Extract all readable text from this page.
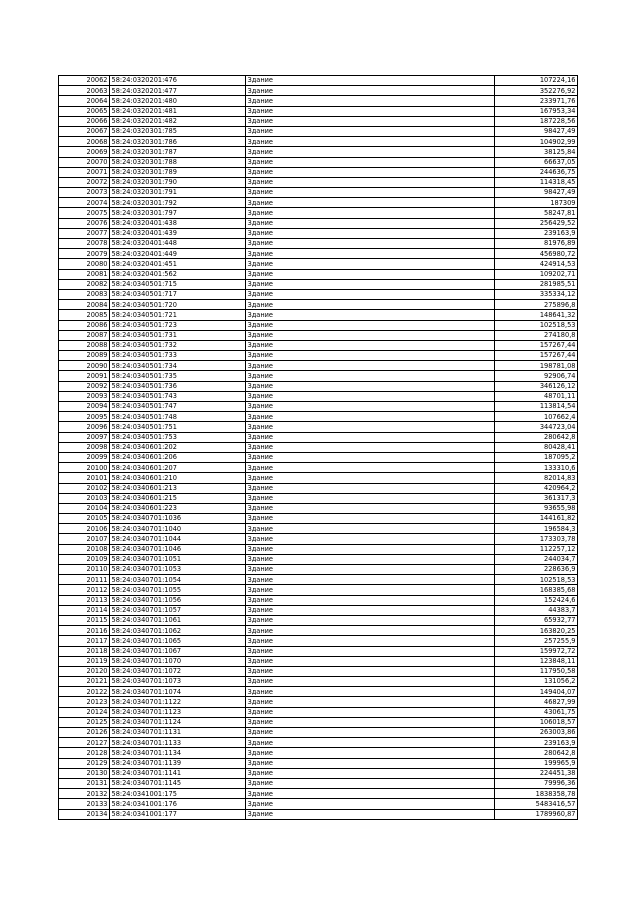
20062	58:24:0320201:476	Здание	107224,16
20063	58:24:0320201:477	Здание	352276,92
20064	58:24:0320201:480	Здание	233971,76
20065	58:24:0320201:481	Здание	167953,34
20066	58:24:0320201:482	Здание	187228,56
20067	58:24:0320301:785	Здание	98427,49
20068	58:24:0320301:786	Здание	104902,99
20069	58:24:0320301:787	Здание	38125,84
20070	58:24:0320301:788	Здание	66637,05
20071	58:24:0320301:789	Здание	244636,75
20072	58:24:0320301:790	Здание	114318,45
20073	58:24:0320301:791	Здание	98427,49
20074	58:24:0320301:792	Здание	187309
20075	58:24:0320301:797	Здание	58247,81
20076	58:24:0320401:438	Здание	256429,52
20077	58:24:0320401:439	Здание	239163,9
20078	58:24:0320401:448	Здание	81976,89
20079	58:24:0320401:449	Здание	456980,72
20080	58:24:0320401:451	Здание	424914,53
20081	58:24:0320401:562	Здание	109202,71
20082	58:24:0340501:715	Здание	281985,51
20083	58:24:0340501:717	Здание	335334,12
20084	58:24:0340501:720	Здание	275896,8
20085	58:24:0340501:721	Здание	148641,32
20086	58:24:0340501:723	Здание	102518,53
20087	58:24:0340501:731	Здание	274180,8
20088	58:24:0340501:732	Здание	157267,44
20089	58:24:0340501:733	Здание	157267,44
20090	58:24:0340501:734	Здание	198781,08
20091	58:24:0340501:735	Здание	92906,74
20092	58:24:0340501:736	Здание	346126,12
20093	58:24:0340501:743	Здание	48701,11
20094	58:24:0340501:747	Здание	113814,54
20095	58:24:0340501:748	Здание	107662,4
20096	58:24:0340501:751	Здание	344723,04
20097	58:24:0340501:753	Здание	280642,8
20098	58:24:0340601:202	Здание	80428,41
20099	58:24:0340601:206	Здание	187095,2
20100	58:24:0340601:207	Здание	133310,6
20101	58:24:0340601:210	Здание	82014,83
20102	58:24:0340601:213	Здание	420964,2
20103	58:24:0340601:215	Здание	361317,3
20104	58:24:0340601:223	Здание	93655,98
20105	58:24:0340701:1036	Здание	144161,82
20106	58:24:0340701:1040	Здание	196584,3
20107	58:24:0340701:1044	Здание	173303,78
20108	58:24:0340701:1046	Здание	112257,12
20109	58:24:0340701:1051	Здание	244034,7
20110	58:24:0340701:1053	Здание	228636,9
20111	58:24:0340701:1054	Здание	102518,53
20112	58:24:0340701:1055	Здание	168385,68
20113	58:24:0340701:1056	Здание	152424,6
20114	58:24:0340701:1057	Здание	44383,7
20115	58:24:0340701:1061	Здание	65932,77
20116	58:24:0340701:1062	Здание	163820,25
20117	58:24:0340701:1065	Здание	257255,9
20118	58:24:0340701:1067	Здание	159972,72
20119	58:24:0340701:1070	Здание	123848,11
20120	58:24:0340701:1072	Здание	117950,58
20121	58:24:0340701:1073	Здание	131056,2
20122	58:24:0340701:1074	Здание	149404,07
20123	58:24:0340701:1122	Здание	46827,99
20124	58:24:0340701:1123	Здание	43061,75
20125	58:24:0340701:1124	Здание	106018,57
20126	58:24:0340701:1131	Здание	263003,86
20127	58:24:0340701:1133	Здание	239163,9
20128	58:24:0340701:1134	Здание	280642,8
20129	58:24:0340701:1139	Здание	199965,9
20130	58:24:0340701:1141	Здание	224451,38
20131	58:24:0340701:1145	Здание	79996,36
20132	58:24:0341001:175	Здание	1838358,78
20133	58:24:0341001:176	Здание	5483416,57
20134	58:24:0341001:177	Здание	1789960,87
